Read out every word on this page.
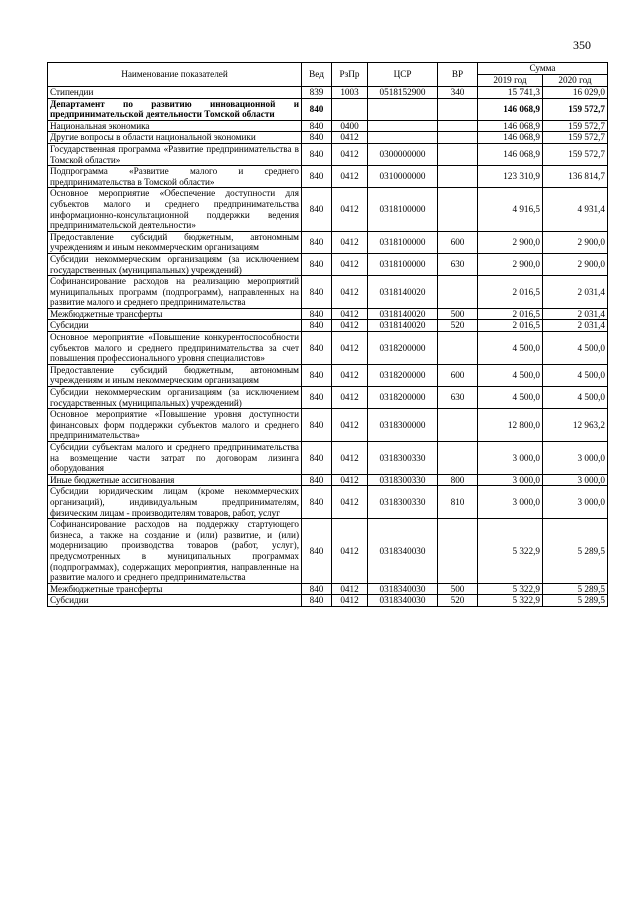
350
Наименование показателей	Вед	РзПр	ЦСР	ВР	Сумма	
					2019 год	2020 год
Стипендии	839	1003	0518152900	340	15 741,3	16 029,0
Департамент по развитию инновационной и предпринимательской деятельности Томской области	840				146 068,9	159 572,7
Национальная экономика	840	0400			146 068,9	159 572,7
Другие вопросы в области национальной экономики	840	0412			146 068,9	159 572,7
Государственная программа «Развитие предпринимательства в Томской области»	840	0412	0300000000		146 068,9	159 572,7
Подпрограмма «Развитие малого и среднего предпринимательства в Томской области»	840	0412	0310000000		123 310,9	136 814,7
Основное мероприятие «Обеспечение доступности для субъектов малого и среднего предпринимательства информационно-консультационной поддержки ведения предпринимательской деятельности»	840	0412	0318100000		4 916,5	4 931,4
Предоставление субсидий бюджетным, автономным учреждениям и иным некоммерческим организациям	840	0412	0318100000	600	2 900,0	2 900,0
Субсидии некоммерческим организациям (за исключением государственных (муниципальных) учреждений)	840	0412	0318100000	630	2 900,0	2 900,0
Софинансирование расходов на реализацию мероприятий муниципальных программ (подпрограмм), направленных на развитие малого и среднего предпринимательства	840	0412	0318140020		2 016,5	2 031,4
Межбюджетные трансферты	840	0412	0318140020	500	2 016,5	2 031,4
Субсидии	840	0412	0318140020	520	2 016,5	2 031,4
Основное мероприятие «Повышение конкурентоспособности субъектов малого и среднего предпринимательства за счет повышения профессионального уровня специалистов»	840	0412	0318200000		4 500,0	4 500,0
Предоставление субсидий бюджетным, автономным учреждениям и иным некоммерческим организациям	840	0412	0318200000	600	4 500,0	4 500,0
Субсидии некоммерческим организациям (за исключением государственных (муниципальных) учреждений)	840	0412	0318200000	630	4 500,0	4 500,0
Основное мероприятие «Повышение уровня доступности финансовых форм поддержки субъектов малого и среднего предпринимательства»	840	0412	0318300000		12 800,0	12 963,2
Субсидии субъектам малого и среднего предпринимательства на возмещение части затрат по договорам лизинга оборудования	840	0412	0318300330		3 000,0	3 000,0
Иные бюджетные ассигнования	840	0412	0318300330	800	3 000,0	3 000,0
Субсидии юридическим лицам (кроме некоммерческих организаций), индивидуальным предпринимателям, физическим лицам - производителям товаров, работ, услуг	840	0412	0318300330	810	3 000,0	3 000,0
Софинансирование расходов на поддержку стартующего бизнеса, а также на создание и (или) развитие, и (или) модернизацию производства товаров (работ, услуг), предусмотренных в муниципальных программах (подпрограммах), содержащих мероприятия, направленные на развитие малого и среднего предпринимательства	840	0412	0318340030		5 322,9	5 289,5
Межбюджетные трансферты	840	0412	0318340030	500	5 322,9	5 289,5
Субсидии	840	0412	0318340030	520	5 322,9	5 289,5
